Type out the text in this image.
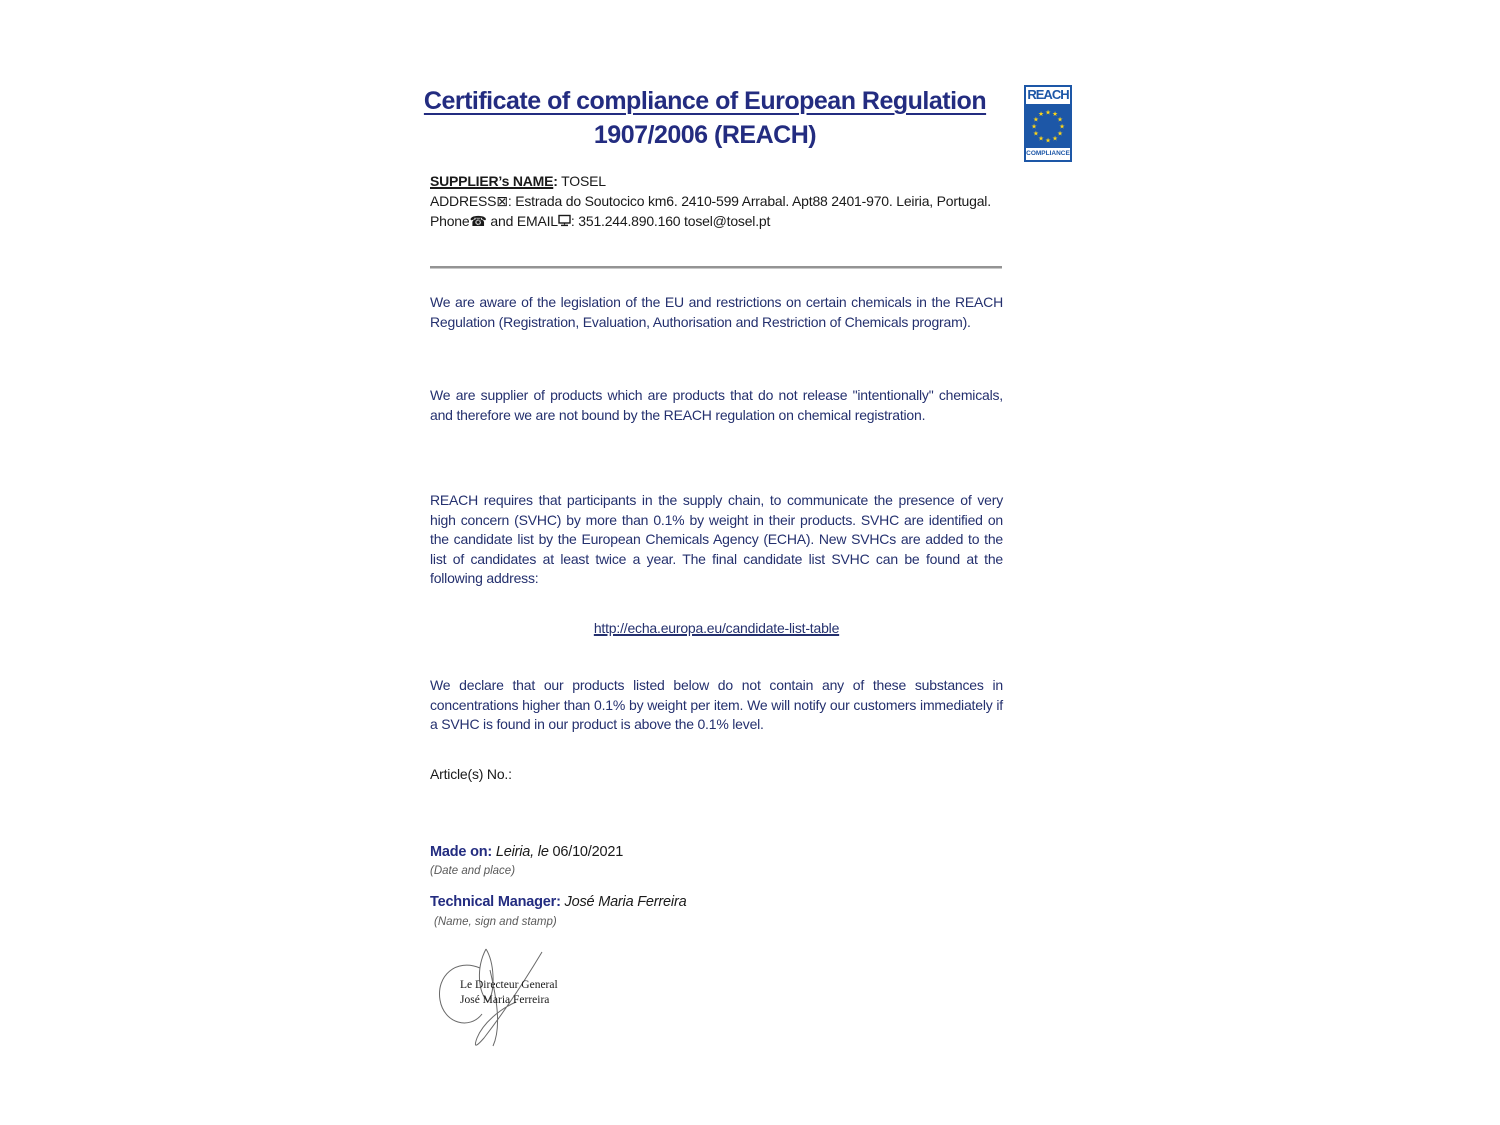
Certificate of compliance of European Regulation
1907/2006 (REACH)
REACH
★ ★
★
★
★
★
★
★
★
★
★
★
COMPLIANCE
SUPPLIER’s NAME: TOSEL
ADDRESS⊠: Estrada do Soutocico km6. 2410-599 Arrabal. Apt88 2401-970. Leiria, Portugal.
Phone☎ and EMAIL : 351.244.890.160 tosel@tosel.pt
We are aware of the legislation of the EU and restrictions on certain chemicals in the REACH Regulation (Registration, Evaluation, Authorisation and Restriction of Chemicals program).
We are supplier of products which are products that do not release "intentionally" chemicals, and therefore we are not bound by the REACH regulation on chemical registration.
REACH requires that participants in the supply chain, to communicate the presence of very high concern (SVHC) by more than 0.1% by weight in their products. SVHC are identified on the candidate list by the European Chemicals Agency (ECHA). New SVHCs are added to the list of candidates at least twice a year. The final candidate list SVHC can be found at the following address:
http://echa.europa.eu/candidate-list-table
We declare that our products listed below do not contain any of these substances in concentrations higher than 0.1% by weight per item. We will notify our customers immediately if a SVHC is found in our product is above the 0.1% level.
Article(s) No.:
Made on: Leiria, le 06/10/2021
(Date and place)
Technical Manager: José Maria Ferreira
(Name, sign and stamp)
Le Directeur General
José Maria Ferreira
